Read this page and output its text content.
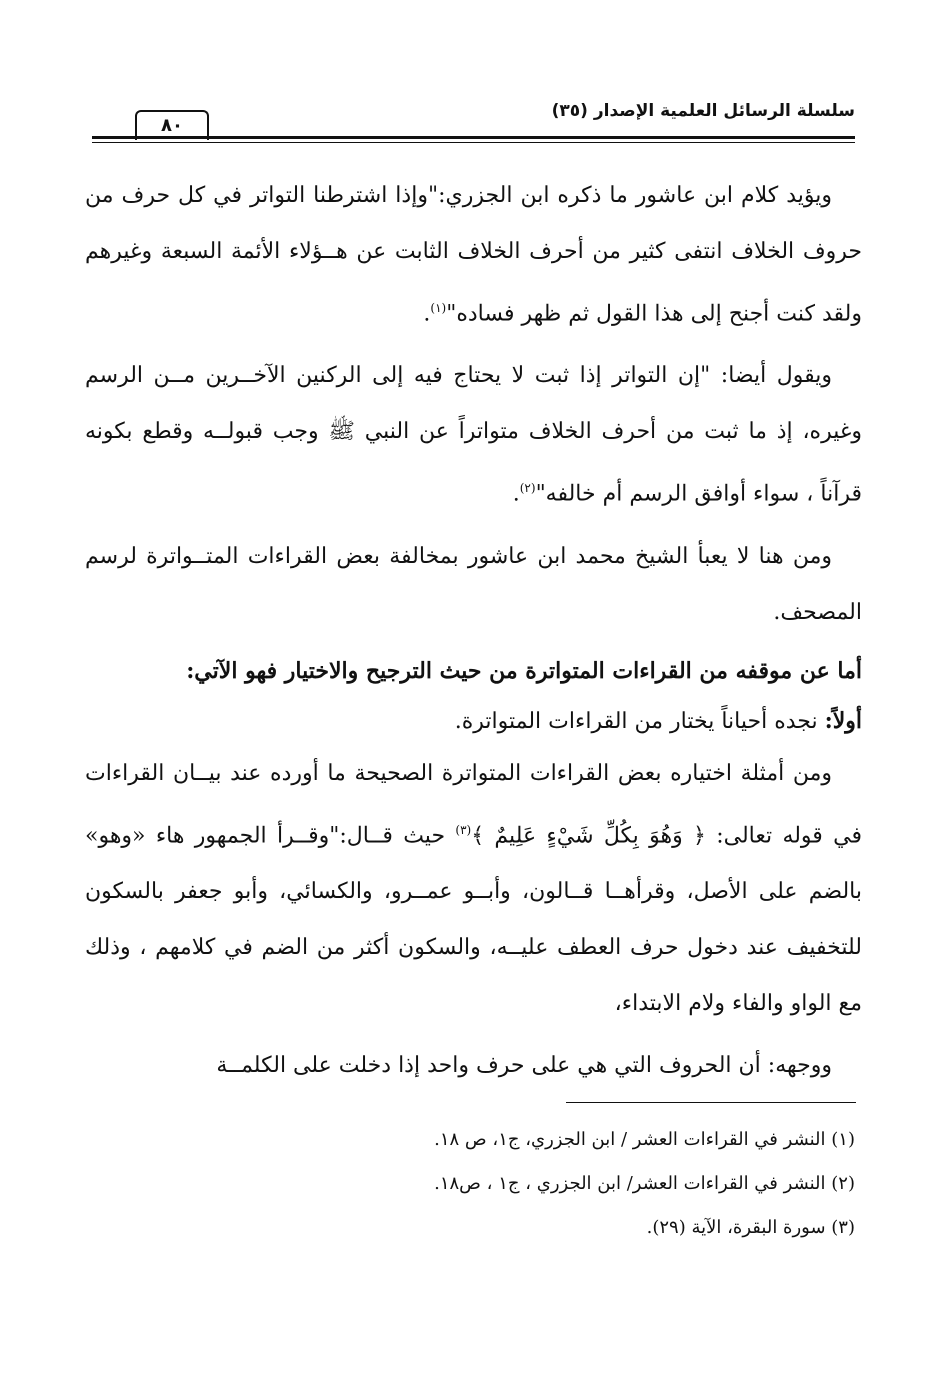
سلسلة الرسائل العلمية الإصدار (٣٥)
٨٠

ويؤيد كلام ابن عاشور ما ذكره ابن الجزري:"وإذا اشترطنا التواتر في كل حرف من حروف الخلاف انتفى كثير من أحرف الخلاف الثابت عن هــؤلاء الأئمة السبعة وغيرهم ولقد كنت أجنح إلى هذا القول ثم ظهر فساده"$^{(١)}$.

ويقول أيضا: "إن التواتر إذا ثبت لا يحتاج فيه إلى الركنين الآخــرين مــن الرسم وغيره، إذ ما ثبت من أحرف الخلاف متواتراً عن النبي ﷺ وجب قبولــه وقطع بكونه قرآناً ، سواء أوافق الرسم أم خالفه"$^{(٢)}$.

ومن هنا لا يعبأ الشيخ محمد ابن عاشور بمخالفة بعض القراءات المتــواترة لرسم المصحف.

أما عن موقفه من القراءات المتواترة من حيث الترجيح والاختيار فهو الآتي:

أولاً: نجده أحياناً يختار من القراءات المتواترة.

ومن أمثلة اختياره بعض القراءات المتواترة الصحيحة ما أورده عند بيــان القراءات في قوله تعالى: ﴿ وَهُوَ بِكُلِّ شَيْءٍ عَلِيمٌ ﴾$^{(٣)}$ حيث قــال:"وقــرأ الجمهور هاء «وهو» بالضم على الأصل، وقرأهــا قــالون، وأبــو عمــرو، والكسائي، وأبو جعفر بالسكون للتخفيف عند دخول حرف العطف عليــه، والسكون أكثر من الضم في كلامهم ، وذلك مع الواو والفاء ولام الابتداء،

ووجهه: أن الحروف التي هي على حرف واحد إذا دخلت على الكلمــة

(١) النشر في القراءات العشر / ابن الجزري، ج١، ص ١٨.

(٢) النشر في القراءات العشر/ ابن الجزري ، ج١ ، ص١٨.

(٣) سورة البقرة، الآية (٢٩).
